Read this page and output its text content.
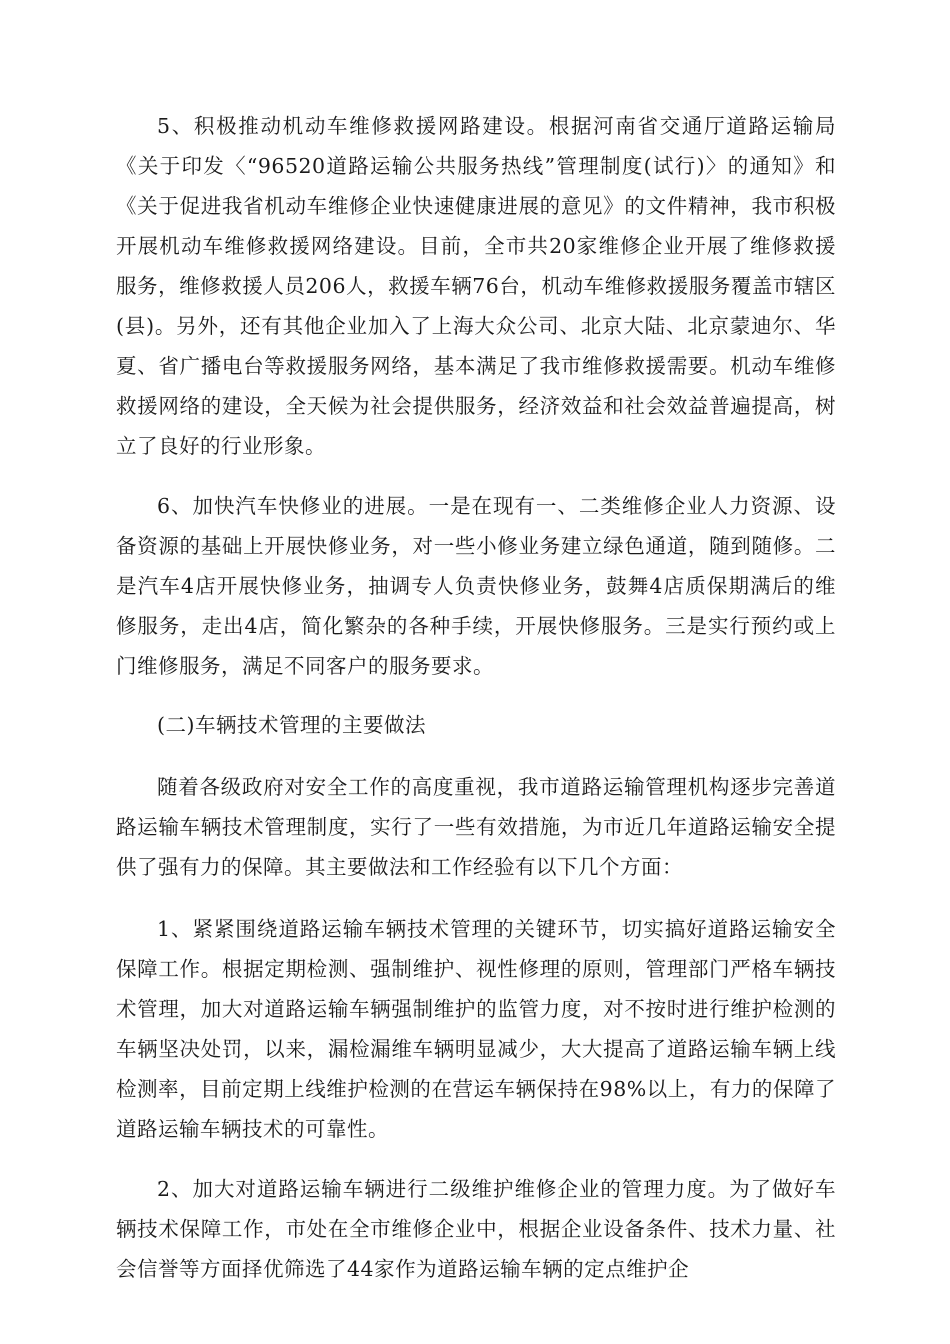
5、积极推动机动车维修救援网路建设。根据河南省交通厅道路运输局《关于印发〈“96520道路运输公共服务热线”管理制度(试行)〉的通知》和《关于促进我省机动车维修企业快速健康进展的意见》的文件精神，我市积极开展机动车维修救援网络建设。目前，全市共20家维修企业开展了维修救援服务，维修救援人员206人，救援车辆76台，机动车维修救援服务覆盖市辖区(县)。另外，还有其他企业加入了上海大众公司、北京大陆、北京蒙迪尔、华夏、省广播电台等救援服务网络，基本满足了我市维修救援需要。机动车维修救援网络的建设，全天候为社会提供服务，经济效益和社会效益普遍提高，树立了良好的行业形象。

6、加快汽车快修业的进展。一是在现有一、二类维修企业人力资源、设备资源的基础上开展快修业务，对一些小修业务建立绿色通道，随到随修。二是汽车4店开展快修业务，抽调专人负责快修业务，鼓舞4店质保期满后的维修服务，走出4店，简化繁杂的各种手续，开展快修服务。三是实行预约或上门维修服务，满足不同客户的服务要求。

(二)车辆技术管理的主要做法

随着各级政府对安全工作的高度重视，我市道路运输管理机构逐步完善道路运输车辆技术管理制度，实行了一些有效措施，为市近几年道路运输安全提供了强有力的保障。其主要做法和工作经验有以下几个方面：

1、紧紧围绕道路运输车辆技术管理的关键环节，切实搞好道路运输安全保障工作。根据定期检测、强制维护、视性修理的原则，管理部门严格车辆技术管理，加大对道路运输车辆强制维护的监管力度，对不按时进行维护检测的车辆坚决处罚，以来，漏检漏维车辆明显减少，大大提高了道路运输车辆上线检测率，目前定期上线维护检测的在营运车辆保持在98%以上，有力的保障了道路运输车辆技术的可靠性。

2、加大对道路运输车辆进行二级维护维修企业的管理力度。为了做好车辆技术保障工作，市处在全市维修企业中，根据企业设备条件、技术力量、社会信誉等方面择优筛选了44家作为道路运输车辆的定点维护企
